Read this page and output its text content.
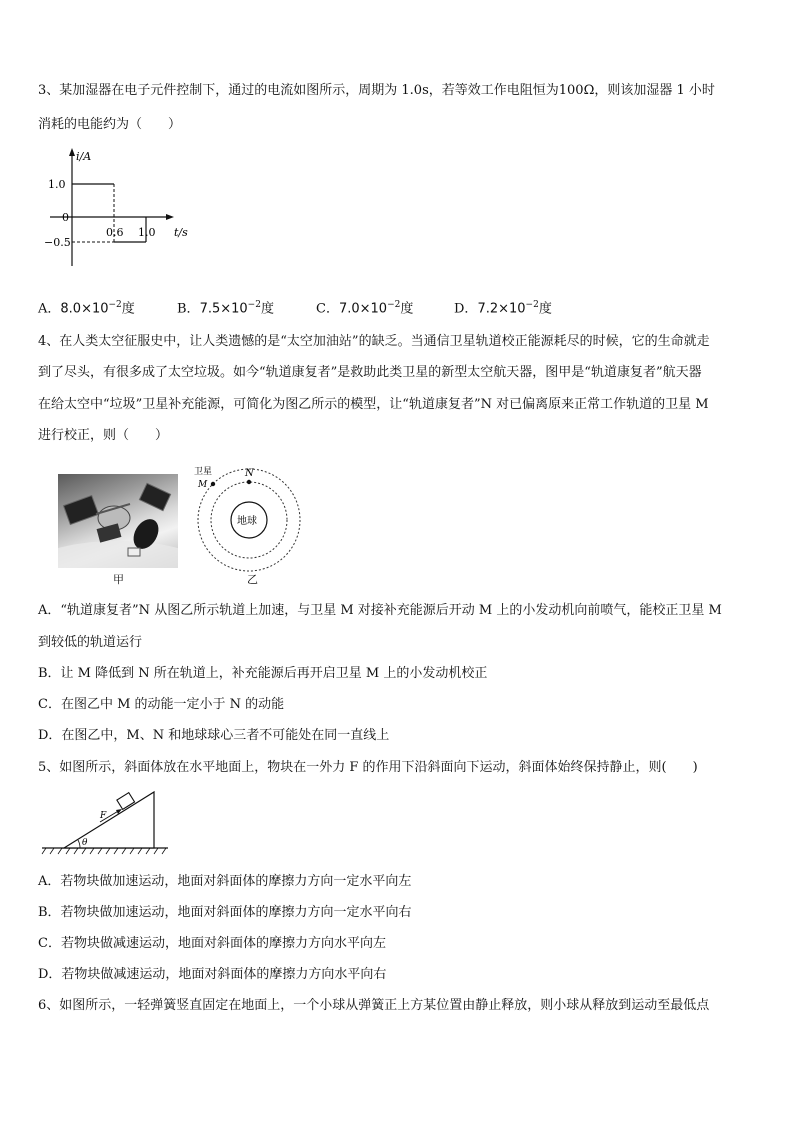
3、某加湿器在电子元件控制下，通过的电流如图所示，周期为 1.0s，若等效工作电阻恒为100Ω，则该加湿器 1 小时
消耗的电能约为（　　）
i/A
t/s
0
1.0
−0.5
0.6 1.0
A．$8.0\times 10^{-2}$度	B．$7.5\times 10^{-2}$度	C．$7.0\times 10^{-2}$度	D．$7.2\times 10^{-2}$度
4、在人类太空征服史中，让人类遗憾的是“太空加油站”的缺乏。当通信卫星轨道校正能源耗尽的时候，它的生命就走
到了尽头，有很多成了太空垃圾。如今“轨道康复者”是救助此类卫星的新型太空航天器，图甲是“轨道康复者”航天器
在给太空中“垃圾”卫星补充能源，可简化为图乙所示的模型，让“轨道康复者”N 对已偏离原来正常工作轨道的卫星 M
进行校正，则（　　）
甲
地球
N
卫星
M
乙
A．“轨道康复者”N 从图乙所示轨道上加速，与卫星 M 对接补充能源后开动 M 上的小发动机向前喷气，能校正卫星 M
到较低的轨道运行
B．让 M 降低到 N 所在轨道上，补充能源后再开启卫星 M 上的小发动机校正
C．在图乙中 M 的动能一定小于 N 的动能
D．在图乙中，M、N 和地球球心三者不可能处在同一直线上
5、如图所示，斜面体放在水平地面上，物块在一外力 F 的作用下沿斜面向下运动，斜面体始终保持静止，则(　　)
θ
F
A．若物块做加速运动，地面对斜面体的摩擦力方向一定水平向左
B．若物块做加速运动，地面对斜面体的摩擦力方向一定水平向右
C．若物块做减速运动，地面对斜面体的摩擦力方向水平向左
D．若物块做减速运动，地面对斜面体的摩擦力方向水平向右
6、如图所示，一轻弹簧竖直固定在地面上，一个小球从弹簧正上方某位置由静止释放，则小球从释放到运动至最低点
